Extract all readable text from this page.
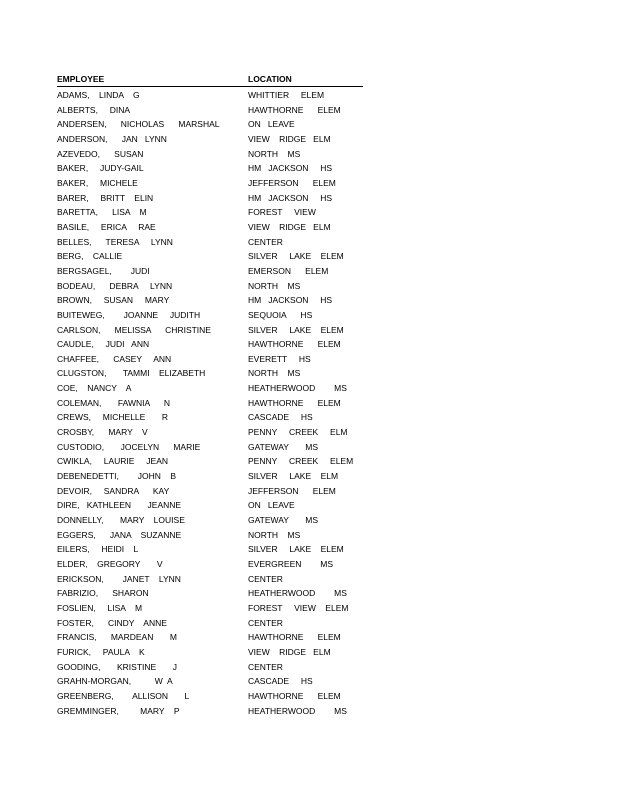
EMPLOYEE	LOCATION
ADAMS,    LINDA    G	WHITTIER     ELEM
ALBERTS,     DINA	HAWTHORNE      ELEM
ANDERSEN,      NICHOLAS      MARSHAL	ON   LEAVE
ANDERSON,      JAN   LYNN	VIEW    RIDGE   ELM
AZEVEDO,      SUSAN	NORTH    MS
BAKER,     JUDY-GAIL	HM   JACKSON     HS
BAKER,     MICHELE	JEFFERSON      ELEM
BARER,     BRITT    ELIN	HM   JACKSON     HS
BARETTA,      LISA    M	FOREST     VIEW
BASILE,     ERICA     RAE	VIEW    RIDGE   ELM
BELLES,      TERESA     LYNN	CENTER
BERG,    CALLIE	SILVER     LAKE    ELEM
BERGSAGEL,        JUDI	EMERSON      ELEM
BODEAU,      DEBRA     LYNN	NORTH    MS
BROWN,     SUSAN     MARY	HM   JACKSON     HS
BUITEWEG,        JOANNE     JUDITH	SEQUOIA      HS
CARLSON,      MELISSA      CHRISTINE	SILVER     LAKE    ELEM
CAUDLE,     JUDI   ANN	HAWTHORNE      ELEM
CHAFFEE,      CASEY     ANN	EVERETT     HS
CLUGSTON,       TAMMI    ELIZABETH	NORTH    MS
COE,    NANCY    A	HEATHERWOOD        MS
COLEMAN,       FAWNIA      N	HAWTHORNE      ELEM
CREWS,     MICHELLE       R	CASCADE     HS
CROSBY,      MARY    V	PENNY     CREEK     ELM
CUSTODIO,       JOCELYN      MARIE	GATEWAY       MS
CWIKLA,     LAURIE     JEAN	PENNY     CREEK     ELEM
DEBENEDETTI,        JOHN    B	SILVER     LAKE    ELM
DEVOIR,     SANDRA      KAY	JEFFERSON      ELEM
DIRE,   KATHLEEN       JEANNE	ON   LEAVE
DONNELLY,       MARY    LOUISE	GATEWAY       MS
EGGERS,      JANA    SUZANNE	NORTH    MS
EILERS,     HEIDI    L	SILVER     LAKE    ELEM
ELDER,    GREGORY       V	EVERGREEN        MS
ERICKSON,        JANET    LYNN	CENTER
FABRIZIO,      SHARON	HEATHERWOOD        MS
FOSLIEN,     LISA    M	FOREST     VIEW    ELEM
FOSTER,      CINDY    ANNE	CENTER
FRANCIS,      MARDEAN       M	HAWTHORNE      ELEM
FURICK,     PAULA    K	VIEW    RIDGE   ELM
GOODING,       KRISTINE       J	CENTER
GRAHN-MORGAN,          W  A	CASCADE     HS
GREENBERG,        ALLISON       L	HAWTHORNE      ELEM
GREMMINGER,         MARY    P	HEATHERWOOD        MS
